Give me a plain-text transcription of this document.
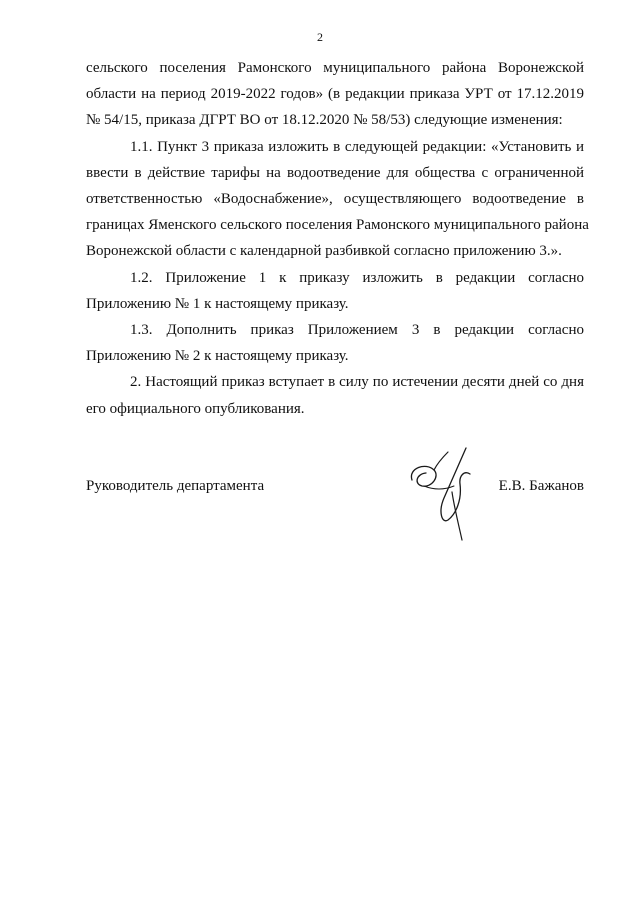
2

сельского поселения Рамонского муниципального района Воронежской
области на период 2019-2022 годов» (в редакции приказа УРТ от 17.12.2019
№ 54/15, приказа ДГРТ ВО от 18.12.2020 № 58/53) следующие изменения:

1.1. Пункт 3 приказа изложить в следующей редакции: «Установить и
ввести в действие тарифы на водоотведение для общества с ограниченной
ответственностью «Водоснабжение», осуществляющего водоотведение в
границах Яменского сельского поселения Рамонского муниципального района
Воронежской области с календарной разбивкой согласно приложению 3.».

1.2. Приложение 1 к приказу изложить в редакции согласно
Приложению № 1 к настоящему приказу.

1.3. Дополнить приказ Приложением 3 в редакции согласно
Приложению № 2 к настоящему приказу.

2. Настоящий приказ вступает в силу по истечении десяти дней со дня
его официального опубликования.

Руководитель департамента	Е.В. Бажанов
